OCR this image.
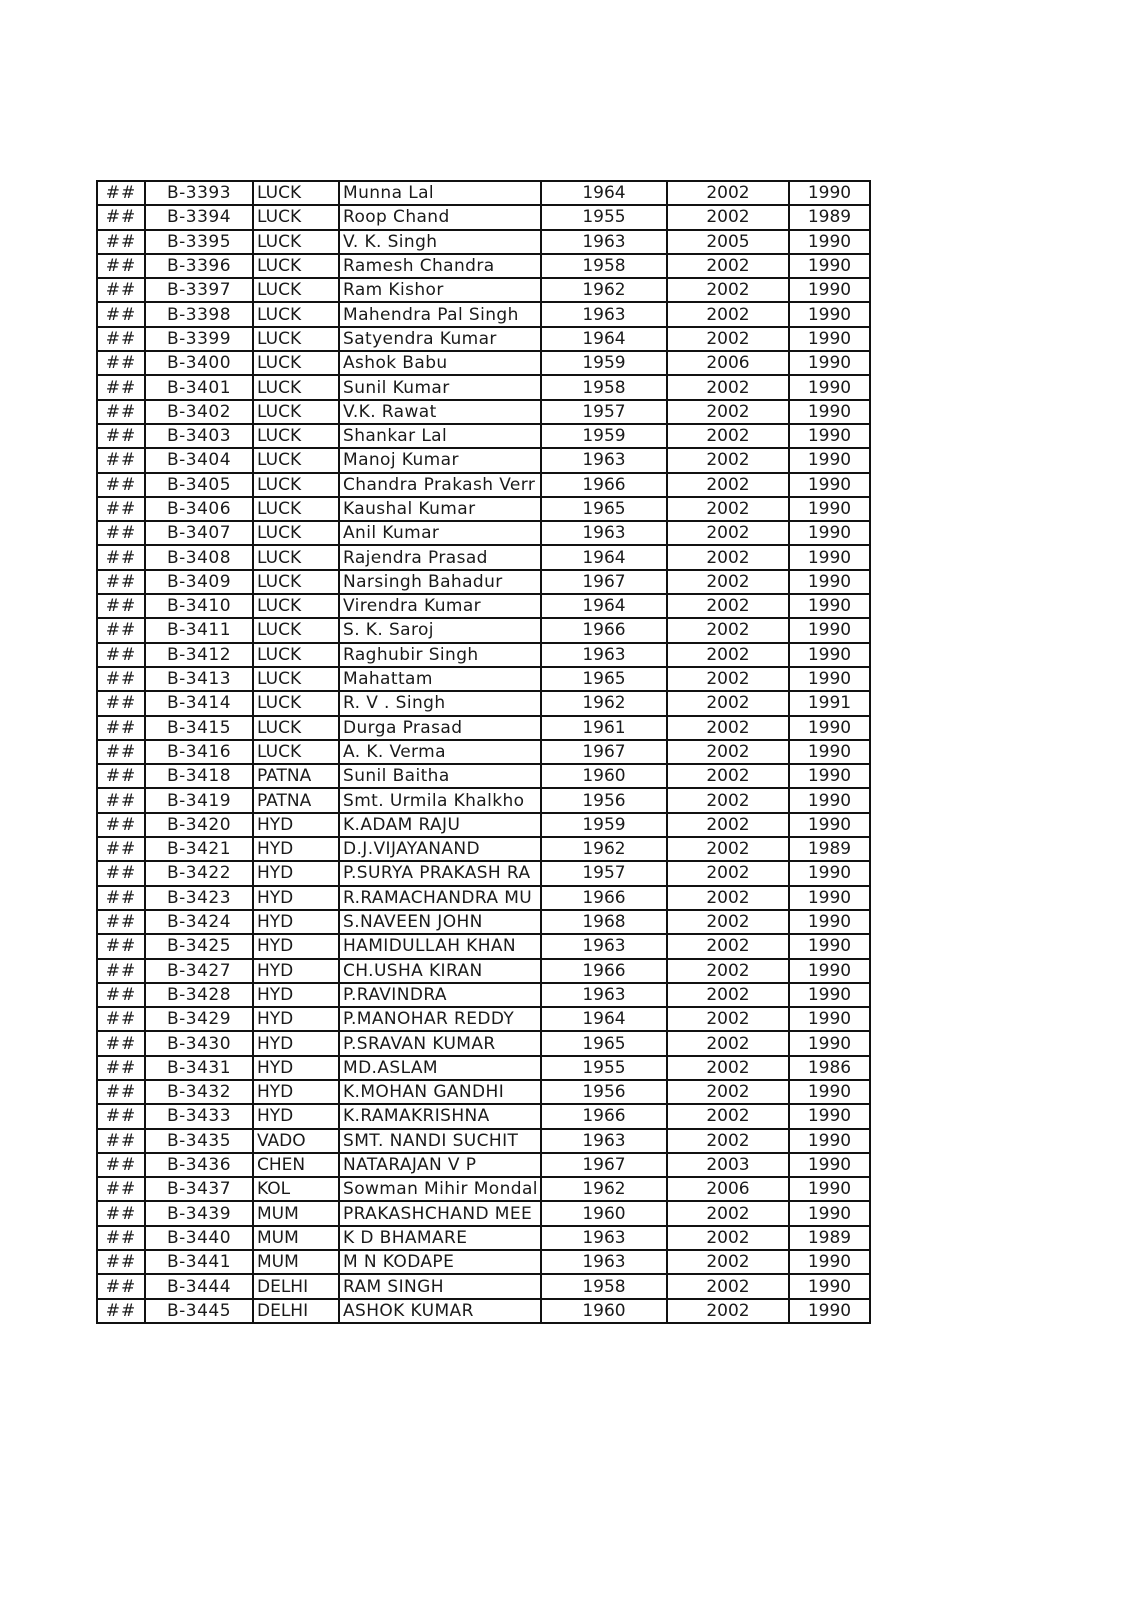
##	B-3393	LUCK	Munna Lal	1964	2002	1990
##	B-3394	LUCK	Roop Chand	1955	2002	1989
##	B-3395	LUCK	V. K. Singh	1963	2005	1990
##	B-3396	LUCK	Ramesh Chandra	1958	2002	1990
##	B-3397	LUCK	Ram Kishor	1962	2002	1990
##	B-3398	LUCK	Mahendra Pal Singh	1963	2002	1990
##	B-3399	LUCK	Satyendra Kumar	1964	2002	1990
##	B-3400	LUCK	Ashok Babu	1959	2006	1990
##	B-3401	LUCK	Sunil Kumar	1958	2002	1990
##	B-3402	LUCK	V.K. Rawat	1957	2002	1990
##	B-3403	LUCK	Shankar Lal	1959	2002	1990
##	B-3404	LUCK	Manoj Kumar	1963	2002	1990
##	B-3405	LUCK	Chandra Prakash Verr	1966	2002	1990
##	B-3406	LUCK	Kaushal Kumar	1965	2002	1990
##	B-3407	LUCK	Anil Kumar	1963	2002	1990
##	B-3408	LUCK	Rajendra Prasad	1964	2002	1990
##	B-3409	LUCK	Narsingh Bahadur	1967	2002	1990
##	B-3410	LUCK	Virendra Kumar	1964	2002	1990
##	B-3411	LUCK	S. K. Saroj	1966	2002	1990
##	B-3412	LUCK	Raghubir Singh	1963	2002	1990
##	B-3413	LUCK	Mahattam	1965	2002	1990
##	B-3414	LUCK	R. V . Singh	1962	2002	1991
##	B-3415	LUCK	Durga Prasad	1961	2002	1990
##	B-3416	LUCK	A. K. Verma	1967	2002	1990
##	B-3418	PATNA	Sunil Baitha	1960	2002	1990
##	B-3419	PATNA	Smt. Urmila Khalkho	1956	2002	1990
##	B-3420	HYD	K.ADAM RAJU	1959	2002	1990
##	B-3421	HYD	D.J.VIJAYANAND	1962	2002	1989
##	B-3422	HYD	P.SURYA PRAKASH RA	1957	2002	1990
##	B-3423	HYD	R.RAMACHANDRA MU	1966	2002	1990
##	B-3424	HYD	S.NAVEEN JOHN	1968	2002	1990
##	B-3425	HYD	HAMIDULLAH KHAN	1963	2002	1990
##	B-3427	HYD	CH.USHA KIRAN	1966	2002	1990
##	B-3428	HYD	P.RAVINDRA	1963	2002	1990
##	B-3429	HYD	P.MANOHAR REDDY	1964	2002	1990
##	B-3430	HYD	P.SRAVAN KUMAR	1965	2002	1990
##	B-3431	HYD	MD.ASLAM	1955	2002	1986
##	B-3432	HYD	K.MOHAN GANDHI	1956	2002	1990
##	B-3433	HYD	K.RAMAKRISHNA	1966	2002	1990
##	B-3435	VADO	SMT. NANDI SUCHIT	1963	2002	1990
##	B-3436	CHEN	NATARAJAN V P	1967	2003	1990
##	B-3437	KOL	Sowman Mihir Mondal	1962	2006	1990
##	B-3439	MUM	PRAKASHCHAND MEE	1960	2002	1990
##	B-3440	MUM	K D BHAMARE	1963	2002	1989
##	B-3441	MUM	M N KODAPE	1963	2002	1990
##	B-3444	DELHI	RAM SINGH	1958	2002	1990
##	B-3445	DELHI	ASHOK KUMAR	1960	2002	1990
